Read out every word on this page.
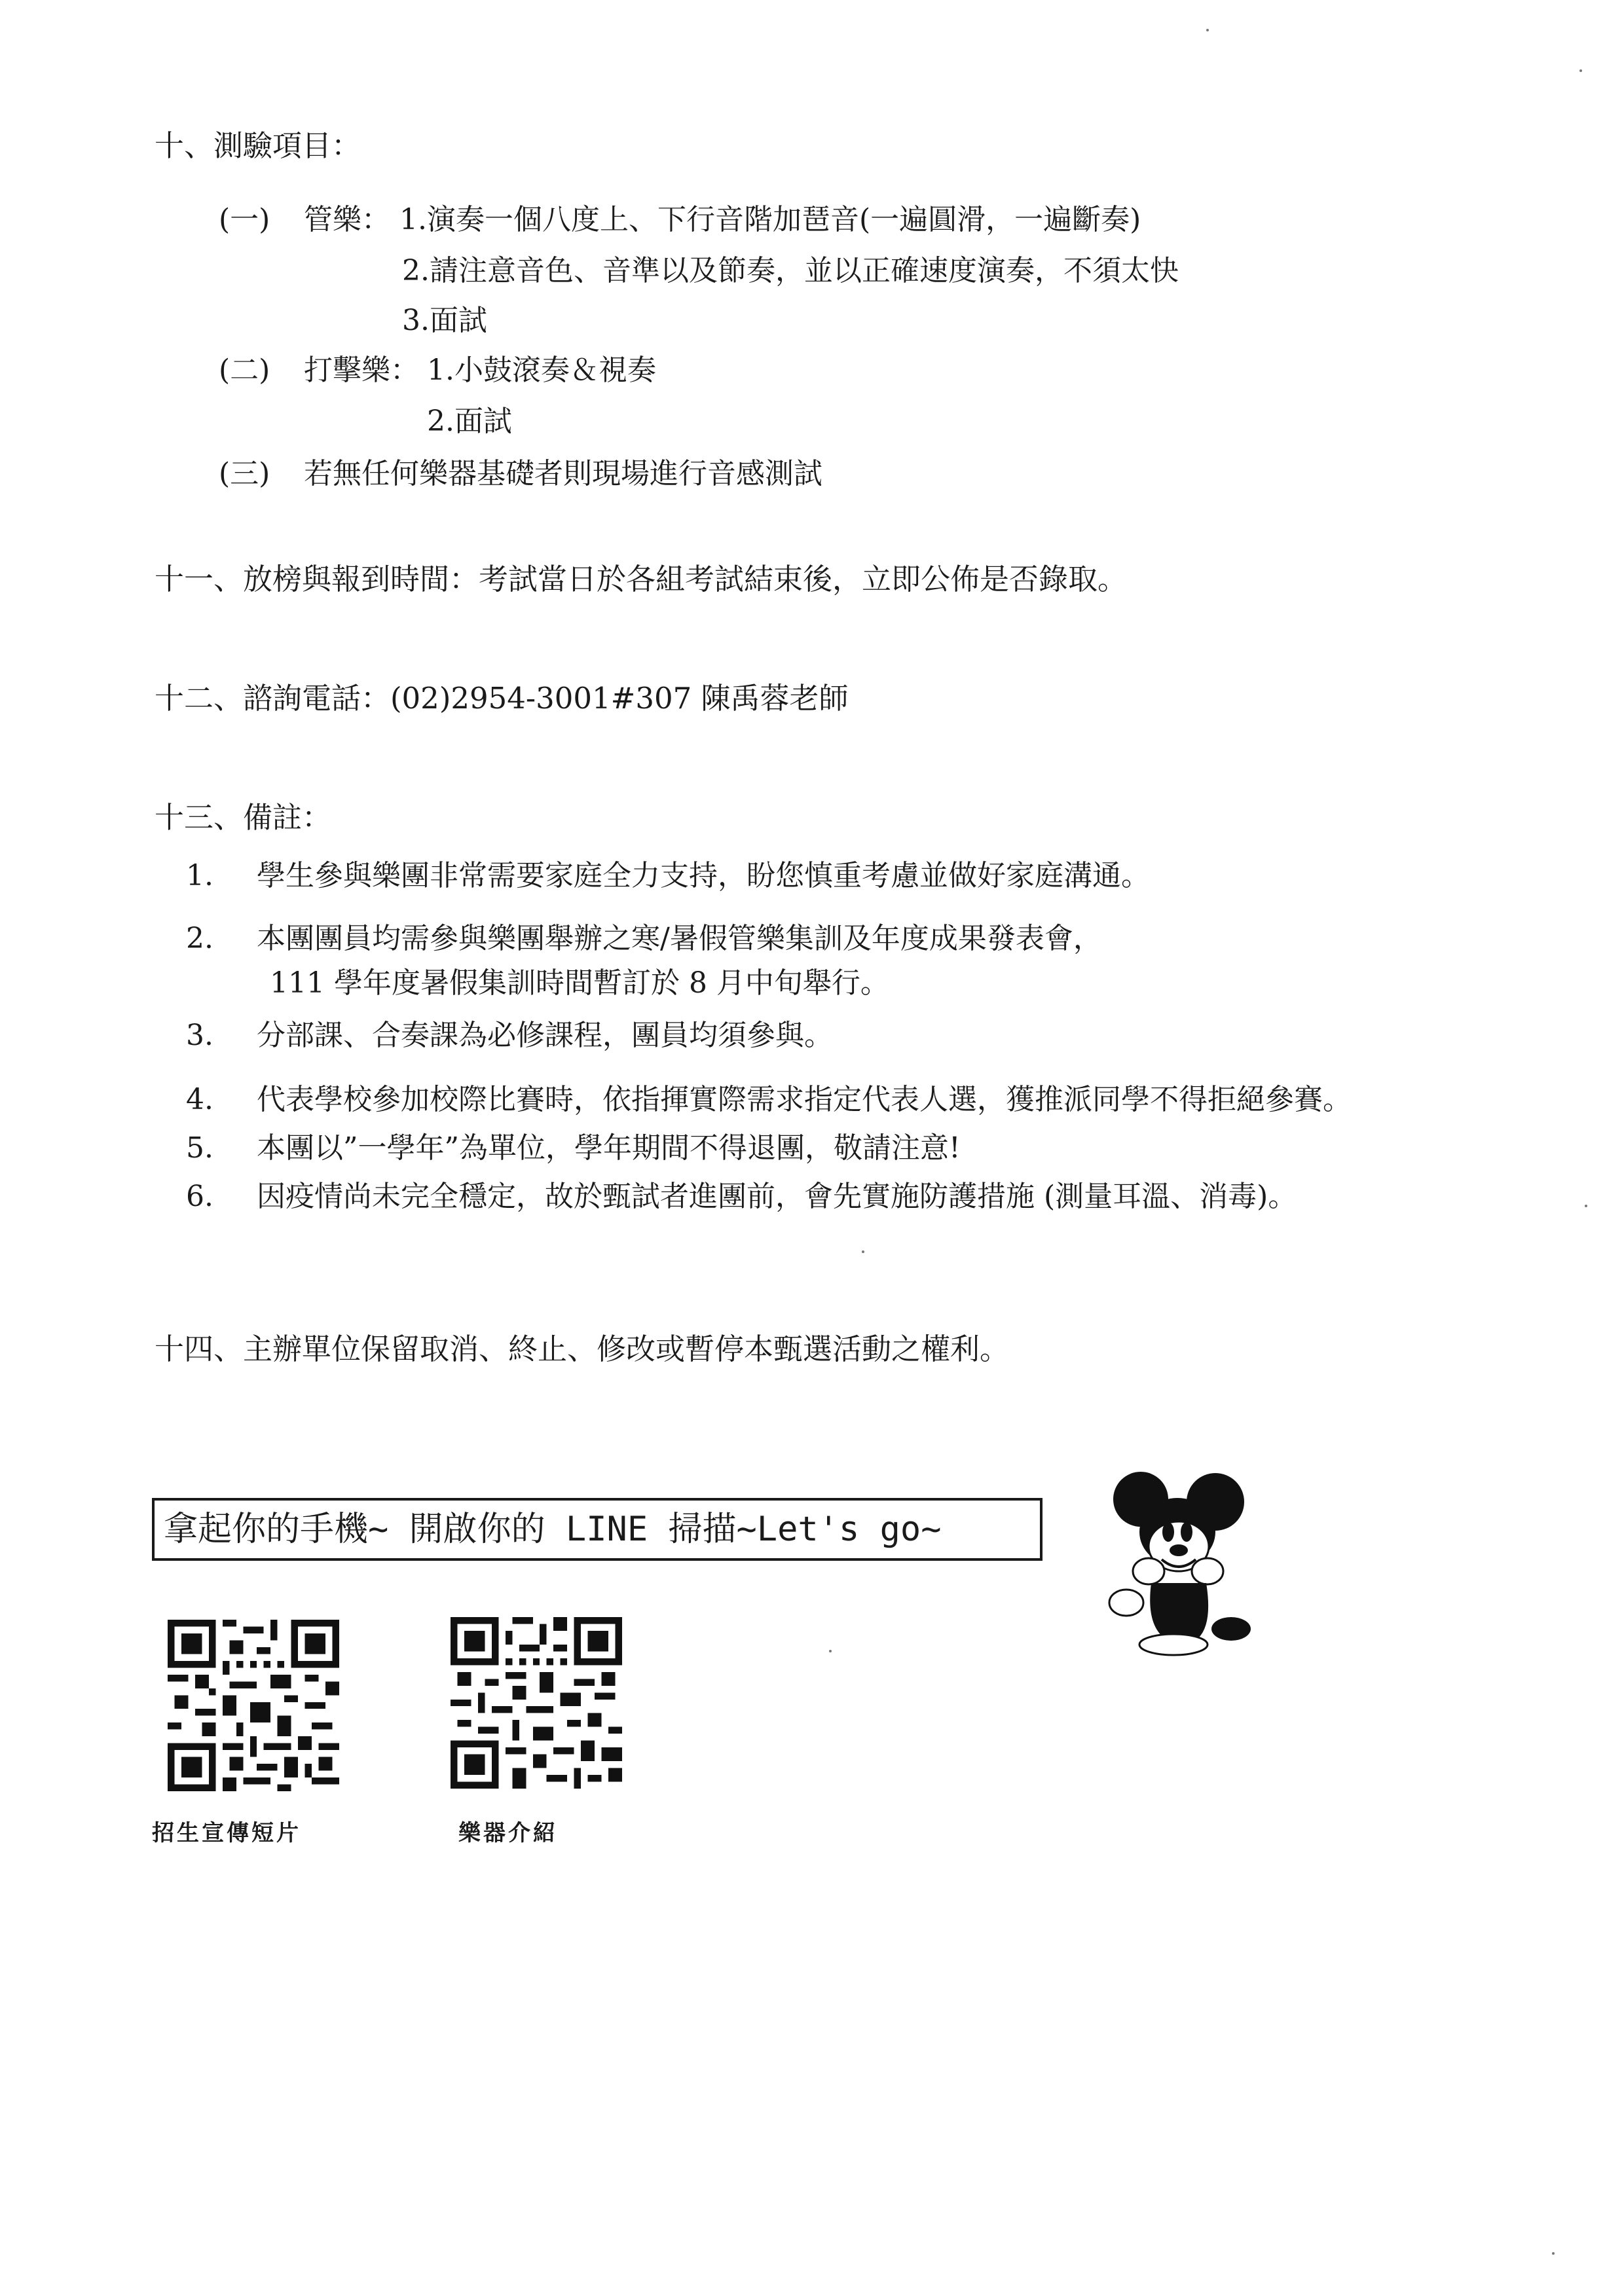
十、測驗項目：
(一) 管樂： 1.演奏一個八度上、下行音階加琶音(一遍圓滑，一遍斷奏)
2.請注意音色、音準以及節奏，並以正確速度演奏，不須太快
3.面試
(二) 打擊樂： 1.小鼓滾奏＆視奏
2.面試
(三) 若無任何樂器基礎者則現場進行音感測試
十一、放榜與報到時間：考試當日於各組考試結束後，立即公佈是否錄取。
十二、諮詢電話：(02)2954-3001#307 陳禹蓉老師
十三、備註：
1. 學生參與樂團非常需要家庭全力支持，盼您慎重考慮並做好家庭溝通。
2. 本團團員均需參與樂團舉辦之寒/暑假管樂集訓及年度成果發表會，
111 學年度暑假集訓時間暫訂於 8 月中旬舉行。
3. 分部課、合奏課為必修課程，團員均須參與。
4. 代表學校參加校際比賽時，依指揮實際需求指定代表人選，獲推派同學不得拒絕參賽。
5. 本團以”一學年”為單位，學年期間不得退團，敬請注意!
6. 因疫情尚未完全穩定，故於甄試者進團前，會先實施防護措施 (測量耳溫、消毒)。
十四、主辦單位保留取消、終止、修改或暫停本甄選活動之權利。
拿起你的手機~ 開啟你的 LINE 掃描~Let's go~
招生宣傳短片	樂器介紹
